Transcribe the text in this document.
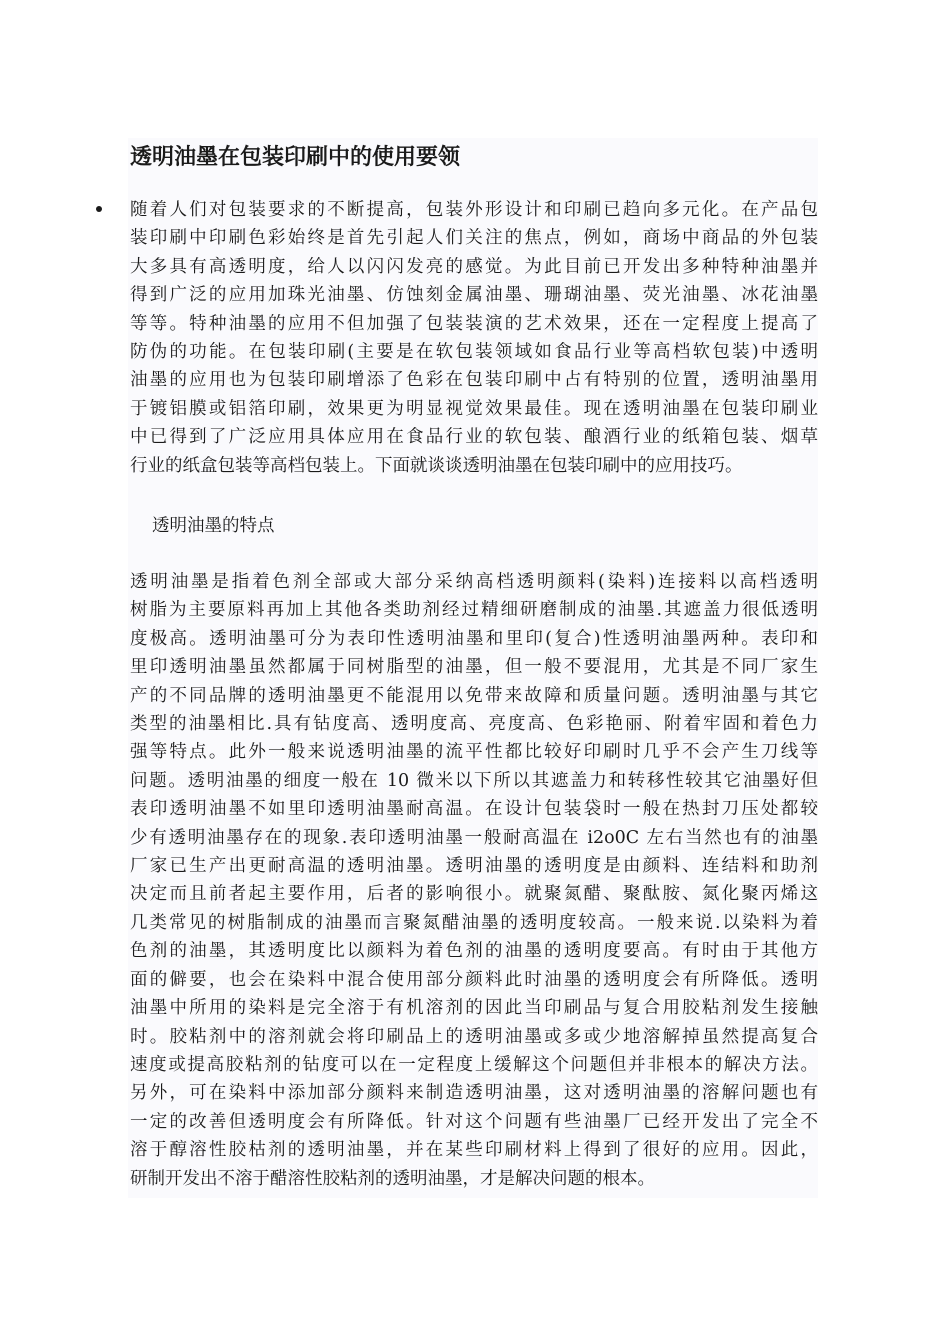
透明油墨在包装印刷中的使用要领
随着人们对包装要求的不断提高，包装外形设计和印刷已趋向多元化。在产品包
装印刷中印刷色彩始终是首先引起人们关注的焦点，例如，商场中商品的外包装
大多具有高透明度，给人以闪闪发亮的感觉。为此目前已开发出多种特种油墨并
得到广泛的应用加珠光油墨、仿蚀刻金属油墨、珊瑚油墨、荧光油墨、冰花油墨
等等。特种油墨的应用不但加强了包装装演的艺术效果，还在一定程度上提高了
防伪的功能。在包装印刷(主要是在软包装领域如食品行业等高档软包装)中透明
油墨的应用也为包装印刷增添了色彩在包装印刷中占有特别的位置，透明油墨用
于镀铝膜或铝箔印刷，效果更为明显视觉效果最佳。现在透明油墨在包装印刷业
中已得到了广泛应用具体应用在食品行业的软包装、酿酒行业的纸箱包装、烟草
行业的纸盒包装等高档包装上。下面就谈谈透明油墨在包装印刷中的应用技巧。

透明油墨的特点

透明油墨是指着色剂全部或大部分采纳高档透明颜料(染料)连接料以高档透明
树脂为主要原料再加上其他各类助剂经过精细研磨制成的油墨.其遮盖力很低透明
度极高。透明油墨可分为表印性透明油墨和里印(复合)性透明油墨两种。表印和
里印透明油墨虽然都属于同树脂型的油墨，但一般不要混用，尤其是不同厂家生
产的不同品牌的透明油墨更不能混用以免带来故障和质量问题。透明油墨与其它
类型的油墨相比.具有钻度高、透明度高、亮度高、色彩艳丽、附着牢固和着色力
强等特点。此外一般来说透明油墨的流平性都比较好印刷时几乎不会产生刀线等
问题。透明油墨的细度一般在 10 微米以下所以其遮盖力和转移性较其它油墨好但
表印透明油墨不如里印透明油墨耐高温。在设计包装袋时一般在热封刀压处都较
少有透明油墨存在的现象.表印透明油墨一般耐高温在 i2o0C 左右当然也有的油墨
厂家已生产出更耐高温的透明油墨。透明油墨的透明度是由颜料、连结料和助剂
决定而且前者起主要作用，后者的影响很小。就聚氮醋、聚酞胺、氮化聚丙烯这
几类常见的树脂制成的油墨而言聚氮醋油墨的透明度较高。一般来说.以染料为着
色剂的油墨，其透明度比以颜料为着色剂的油墨的透明度要高。有时由于其他方
面的僻要，也会在染料中混合使用部分颜料此时油墨的透明度会有所降低。透明
油墨中所用的染料是完全溶于有机溶剂的因此当印刷品与复合用胶粘剂发生接触
时。胶粘剂中的溶剂就会将印刷品上的透明油墨或多或少地溶解掉虽然提高复合
速度或提高胶粘剂的钻度可以在一定程度上缓解这个问题但并非根本的解决方法。
另外，可在染料中添加部分颜料来制造透明油墨，这对透明油墨的溶解问题也有
一定的改善但透明度会有所降低。针对这个问题有些油墨厂已经开发出了完全不
溶于醇溶性胶枯剂的透明油墨，并在某些印刷材料上得到了很好的应用。因此，
研制开发出不溶于醋溶性胶粘剂的透明油墨，才是解决问题的根本。
